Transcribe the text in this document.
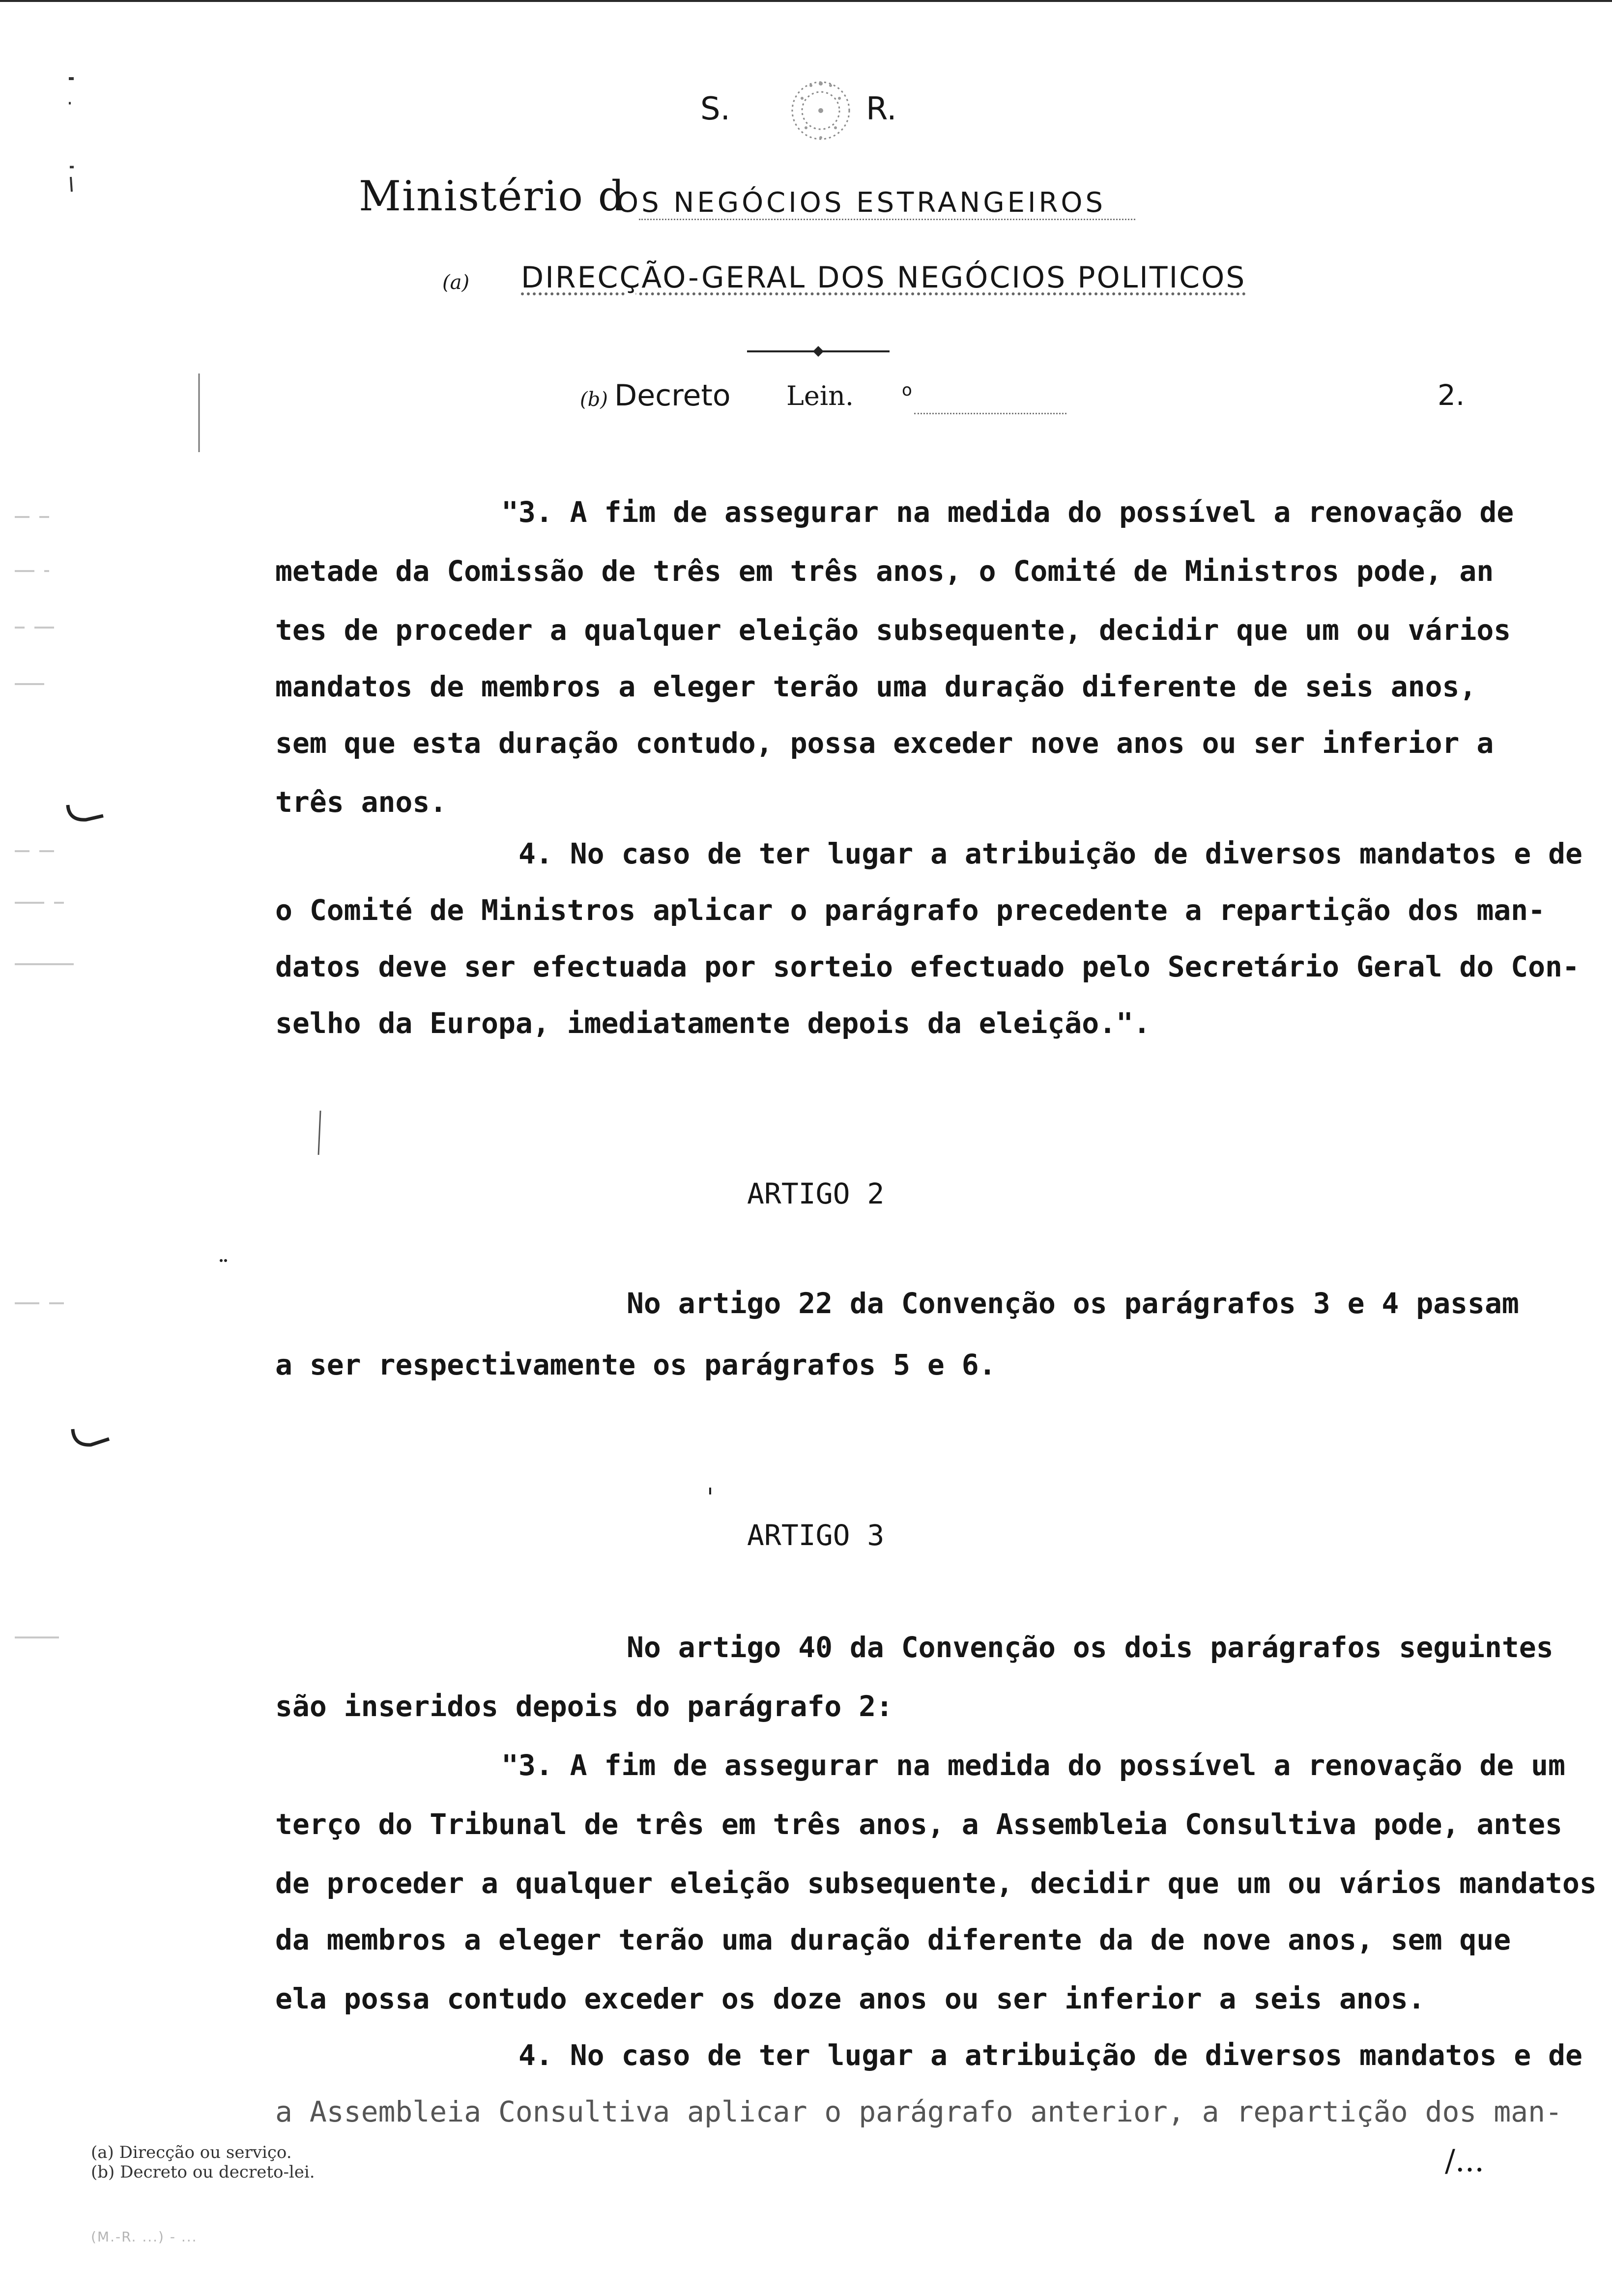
S.	R.
Ministério d
OS NEGÓCIOS ESTRANGEIROS
(a) DIRECÇÃO-GERAL DOS NEGÓCIOS POLITICOS
(b) Decreto Lein.	o	2.
"3. A fim de assegurar na medida do possível a renovação de
metade da Comissão de três em três anos, o Comité de Ministros pode, an
tes de proceder a qualquer eleição subsequente, decidir que um ou vários
mandatos de membros a eleger terão uma duração diferente de seis anos,
sem que esta duração contudo, possa exceder nove anos ou ser inferior a
três anos.
4. No caso de ter lugar a atribuição de diversos mandatos e de
o Comité de Ministros aplicar o parágrafo precedente a repartição dos man-
datos deve ser efectuada por sorteio efectuado pelo Secretário Geral do Con-
selho da Europa, imediatamente depois da eleição.".
ARTIGO 2
No artigo 22 da Convenção os parágrafos 3 e 4 passam
a ser respectivamente os parágrafos 5 e 6.
ARTIGO 3
No artigo 40 da Convenção os dois parágrafos seguintes
são inseridos depois do parágrafo 2:
"3. A fim de assegurar na medida do possível a renovação de um
terço do Tribunal de três em três anos, a Assembleia Consultiva pode, antes
de proceder a qualquer eleição subsequente, decidir que um ou vários mandatos
da membros a eleger terão uma duração diferente da de nove anos, sem que
ela possa contudo exceder os doze anos ou ser inferior a seis anos.
4. No caso de ter lugar a atribuição de diversos mandatos e de
a Assembleia Consultiva aplicar o parágrafo anterior, a repartição dos man-
/...
(a) Direcção ou serviço.
(b) Decreto ou decreto-lei.
(M.-R. ...) - ...
